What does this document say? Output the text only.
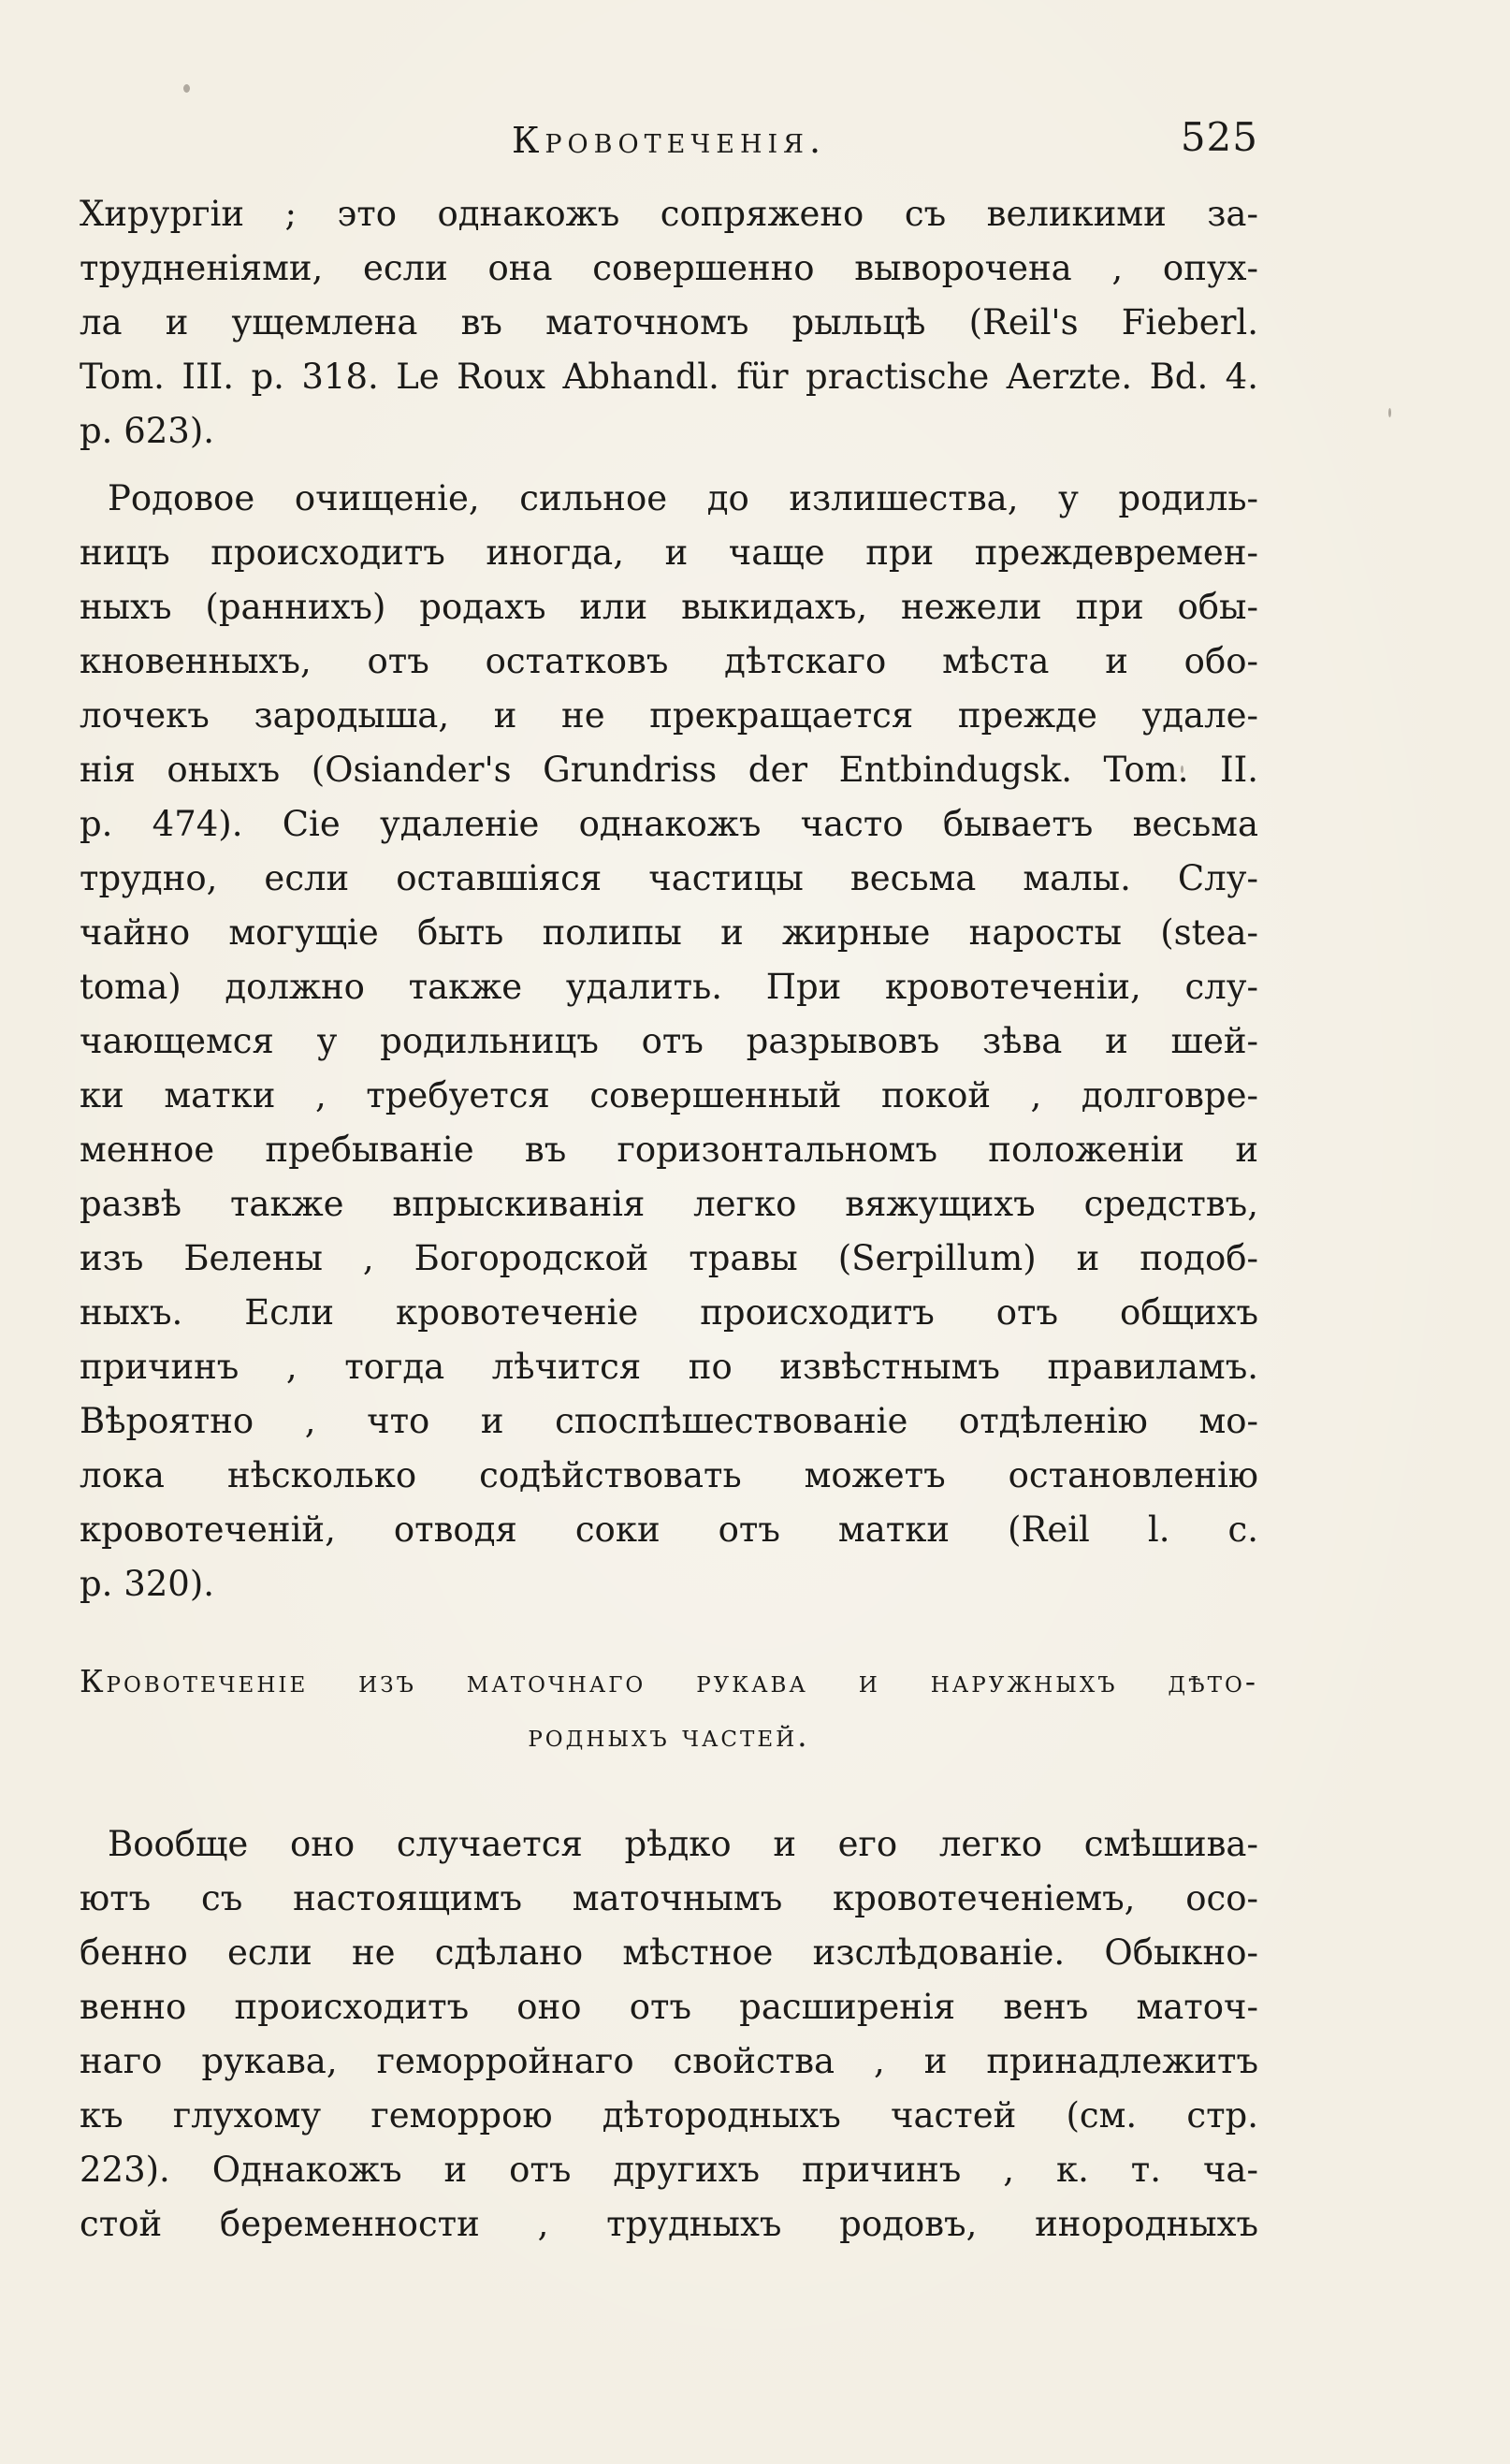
Кровотеченія.	525
Хирургіи ; это однакожъ сопряжено съ великими за-
трудненіями, если она совершенно выворочена , опух-
ла и ущемлена въ маточномъ рыльцѣ (Reil's Fieberl.
Tom. III. p. 318. Le Roux Abhandl. für practische Aerzte. Bd. 4.
p. 623).
Родовое очищеніе, сильное до излишества, у родиль-
ницъ происходитъ иногда, и чаще при преждевремен-
ныхъ (раннихъ) родахъ или выкидахъ, нежели при обы-
кновенныхъ, отъ остатковъ дѣтскаго мѣста и обо-
лочекъ зародыша, и не прекращается прежде удале-
нія оныхъ (Osiander's Grundriss der Entbindugsk. Tom. II.
p. 474). Сіе удаленіе однакожъ часто бываетъ весьма
трудно, если оставшіяся частицы весьма малы. Слу-
чайно могущіе быть полипы и жирные наросты (stea-
toma) должно также удалить. При кровотеченіи, слу-
чающемся у родильницъ отъ разрывовъ зѣва и шей-
ки матки , требуется совершенный покой , долговре-
менное пребываніе въ горизонтальномъ положеніи и
развѣ также впрыскиванія легко вяжущихъ средствъ,
изъ Белены , Богородской травы (Serpillum) и подоб-
ныхъ. Если кровотеченіе происходитъ отъ общихъ
причинъ , тогда лѣчится по извѣстнымъ правиламъ.
Вѣроятно , что и споспѣшествованіе отдѣленію мо-
лока нѣсколько содѣйствовать можетъ остановленію
кровотеченій, отводя соки отъ матки (Reil l. c.
p. 320).
Кровотеченіе изъ маточнаго рукава и наружныхъ дѣто-
родныхъ частей.
Вообще оно случается рѣдко и его легко смѣшива-
ютъ съ настоящимъ маточнымъ кровотеченіемъ, осо-
бенно если не сдѣлано мѣстное изслѣдованіе. Обыкно-
венно происходитъ оно отъ расширенія венъ маточ-
наго рукава, геморройнаго свойства , и принадлежитъ
къ глухому геморрою дѣтородныхъ частей (см. стр.
223). Однакожъ и отъ другихъ причинъ , к. т. ча-
стой беременности , трудныхъ родовъ, инородныхъ
